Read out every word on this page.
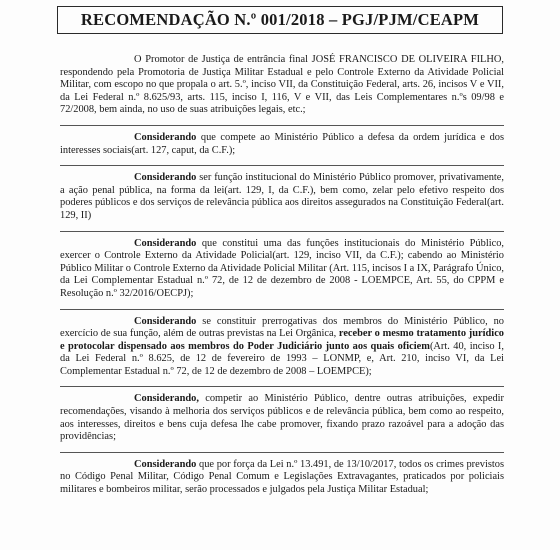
RECOMENDAÇÃO N.º 001/2018 – PGJ/PJM/CEAPM

O Promotor de Justiça de entrância final JOSÉ FRANCISCO DE OLIVEIRA FILHO, respondendo pela Promotoria de Justiça Militar Estadual e pelo Controle Externo da Atividade Policial Militar, com escopo no que propala o art. 5.º, inciso VII, da Constituição Federal, arts. 26, incisos V e VII, da Lei Federal n.º 8.625/93, arts. 115, inciso I, 116, V e VII, das Leis Complementares n.ºs 09/98 e 72/2008, bem ainda, no uso de suas atribuições legais, etc.;

Considerando que compete ao Ministério Público a defesa da ordem jurídica e dos interesses sociais(art. 127, caput, da C.F.);

Considerando ser função institucional do Ministério Público promover, privativamente, a ação penal pública, na forma da lei(art. 129, I, da C.F.), bem como, zelar pelo efetivo respeito dos poderes públicos e dos serviços de relevância pública aos direitos assegurados na Constituição Federal(art. 129, II)

Considerando que constitui uma das funções institucionais do Ministério Público, exercer o Controle Externo da Atividade Policial(art. 129, inciso VII, da C.F.); cabendo ao Ministério Público Militar o Controle Externo da Atividade Policial Militar (Art. 115, incisos I a IX, Parágrafo Único, da Lei Complementar Estadual n.º 72, de 12 de dezembro de 2008 - LOEMPCE, Art. 55, do CPPM e Resolução n.º 32/2016/OECPJ);

Considerando se constituir prerrogativas dos membros do Ministério Público, no exercício de sua função, além de outras previstas na Lei Orgânica, receber o mesmo tratamento jurídico e protocolar dispensado aos membros do Poder Judiciário junto aos quais oficiem(Art. 40, inciso I, da Lei Federal n.º 8.625, de 12 de fevereiro de 1993 – LONMP, e, Art. 210, inciso VI, da Lei Complementar Estadual n.º 72, de 12 de dezembro de 2008 – LOEMPCE);

Considerando, competir ao Ministério Público, dentre outras atribuições, expedir recomendações, visando à melhoria dos serviços públicos e de relevância pública, bem como ao respeito, aos interesses, direitos e bens cuja defesa lhe cabe promover, fixando prazo razoável para a adoção das providências;

Considerando que por força da Lei n.º 13.491, de 13/10/2017, todos os crimes previstos no Código Penal Militar, Código Penal Comum e Legislações Extravagantes, praticados por policiais militares e bombeiros militar, serão processados e julgados pela Justiça Militar Estadual;
